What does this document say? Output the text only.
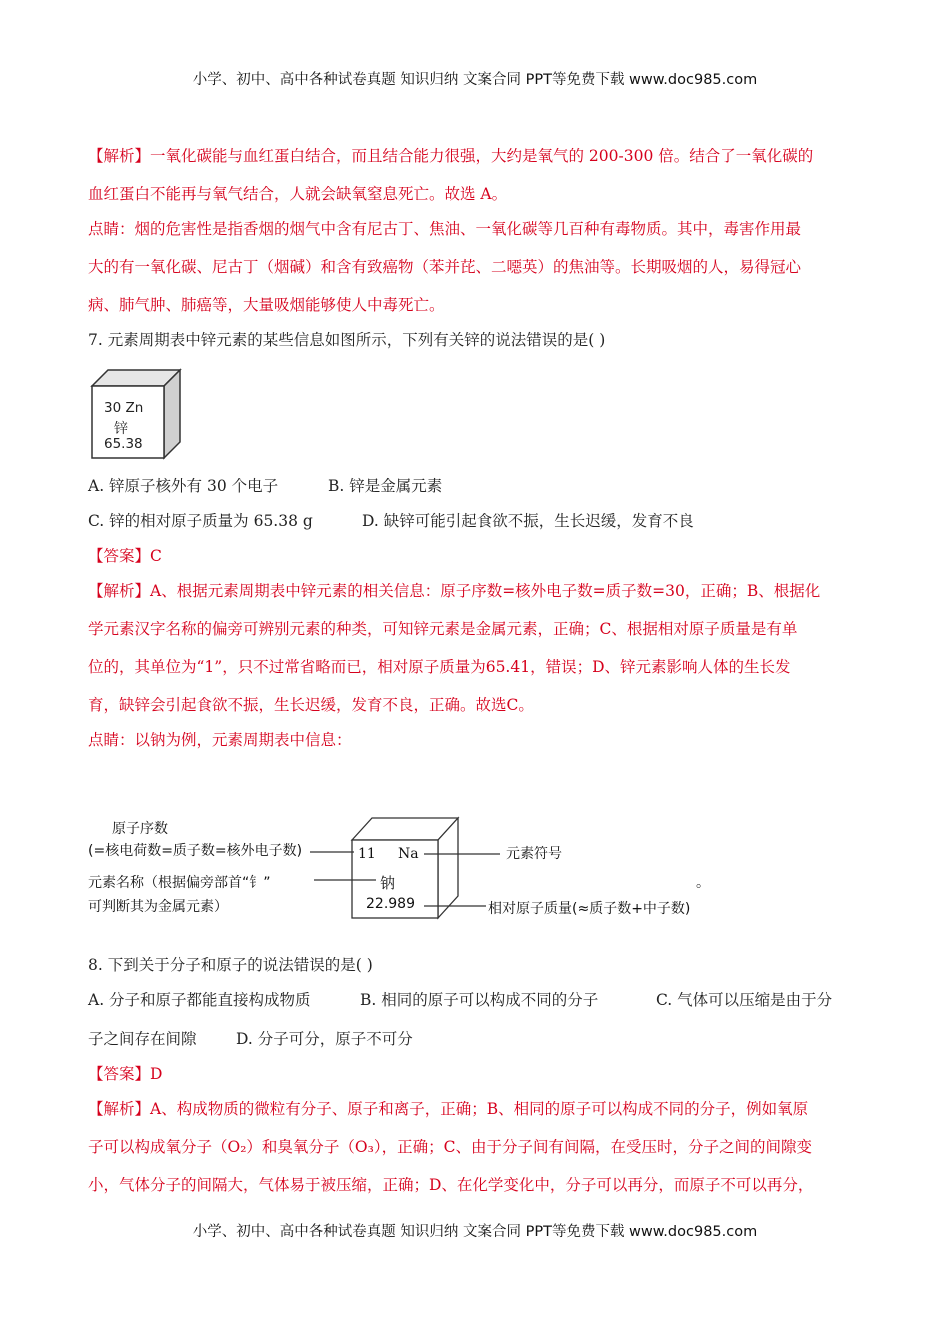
小学、初中、高中各种试卷真题 知识归纳 文案合同 PPT等免费下载 www.doc985.com
【解析】一氧化碳能与血红蛋白结合，而且结合能力很强，大约是氧气的 200-300 倍。结合了一氧化碳的
血红蛋白不能再与氧气结合，人就会缺氧窒息死亡。故选 A。
点睛：烟的危害性是指香烟的烟气中含有尼古丁、焦油、一氧化碳等几百种有毒物质。其中，毒害作用最
大的有一氧化碳、尼古丁（烟碱）和含有致癌物（苯并芘、二噁英）的焦油等。长期吸烟的人，易得冠心
病、肺气肿、肺癌等，大量吸烟能够使人中毒死亡。
7. 元素周期表中锌元素的某些信息如图所示，下列有关锌的说法错误的是( )
30 Zn
锌
65.38
A. 锌原子核外有 30 个电子	B. 锌是金属元素
C. 锌的相对原子质量为 65.38 g	D. 缺锌可能引起食欲不振，生长迟缓，发育不良
【答案】C
【解析】A、根据元素周期表中锌元素的相关信息：原子序数=核外电子数=质子数=30，正确；B、根据化
学元素汉字名称的偏旁可辨别元素的种类，可知锌元素是金属元素，正确；C、根据相对原子质量是有单
位的，其单位为“1”，只不过常省略而已，相对原子质量为65.41，错误；D、锌元素影响人体的生长发
育，缺锌会引起食欲不振，生长迟缓，发育不良，正确。故选C。
点睛：以钠为例，元素周期表中信息：
原子序数
(=核电荷数=质子数=核外电子数)
元素名称（根据偏旁部首“钅”
可判断其为金属元素）
11 Na
钠
22.989
元素符号
相对原子质量(≈质子数+中子数)
。
8. 下到关于分子和原子的说法错误的是( )
A. 分子和原子都能直接构成物质	B. 相同的原子可以构成不同的分子	C. 气体可以压缩是由于分
子之间存在间隙	D. 分子可分，原子不可分
【答案】D
【解析】A、构成物质的微粒有分子、原子和离子，正确；B、相同的原子可以构成不同的分子，例如氧原
子可以构成氧分子（O₂）和臭氧分子（O₃），正确；C、由于分子间有间隔，在受压时，分子之间的间隙变
小，气体分子的间隔大，气体易于被压缩，正确；D、在化学变化中，分子可以再分，而原子不可以再分，
小学、初中、高中各种试卷真题 知识归纳 文案合同 PPT等免费下载 www.doc985.com
